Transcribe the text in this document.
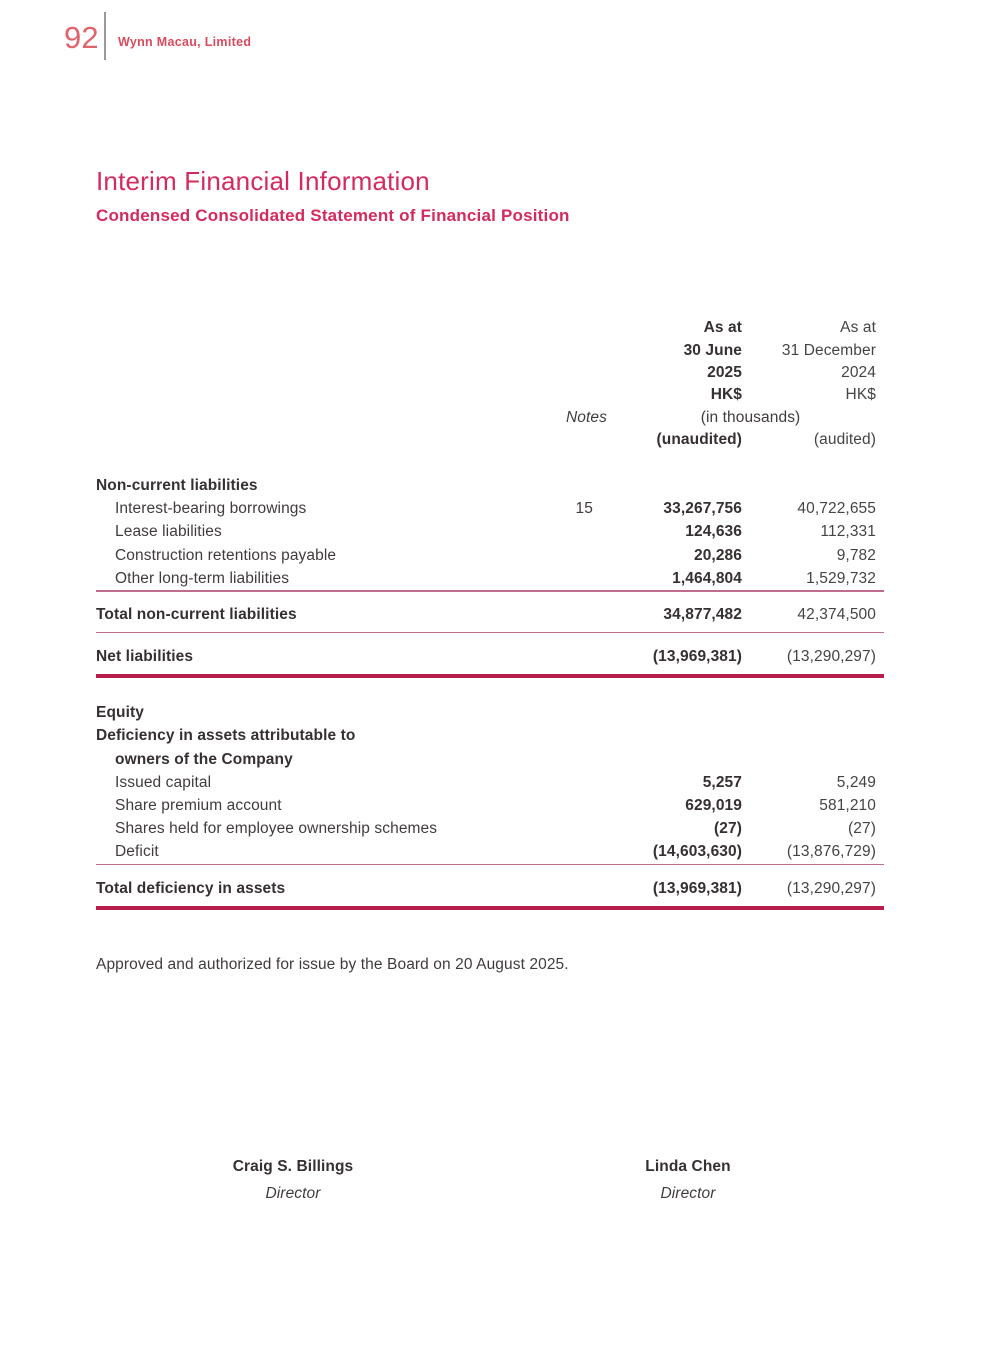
92 Wynn Macau, Limited
Interim Financial Information
Condensed Consolidated Statement of Financial Position
As at	As at
30 June	31 December
2025	2024
HK$	HK$
Notes	(in thousands)
(unaudited)	(audited)
Non-current liabilities
Interest-bearing borrowings	15	33,267,756	40,722,655
Lease liabilities	124,636	112,331
Construction retentions payable	20,286	9,782
Other long-term liabilities	1,464,804	1,529,732
Total non-current liabilities	34,877,482	42,374,500
Net liabilities	(13,969,381)	(13,290,297)
Equity
Deficiency in assets attributable to
owners of the Company
Issued capital	5,257	5,249
Share premium account	629,019	581,210
Shares held for employee ownership schemes	(27)	(27)
Deficit	(14,603,630)	(13,876,729)
Total deficiency in assets	(13,969,381)	(13,290,297)

Approved and authorized for issue by the Board on 20 August 2025.

Craig S. Billings
Director
Linda Chen
Director
